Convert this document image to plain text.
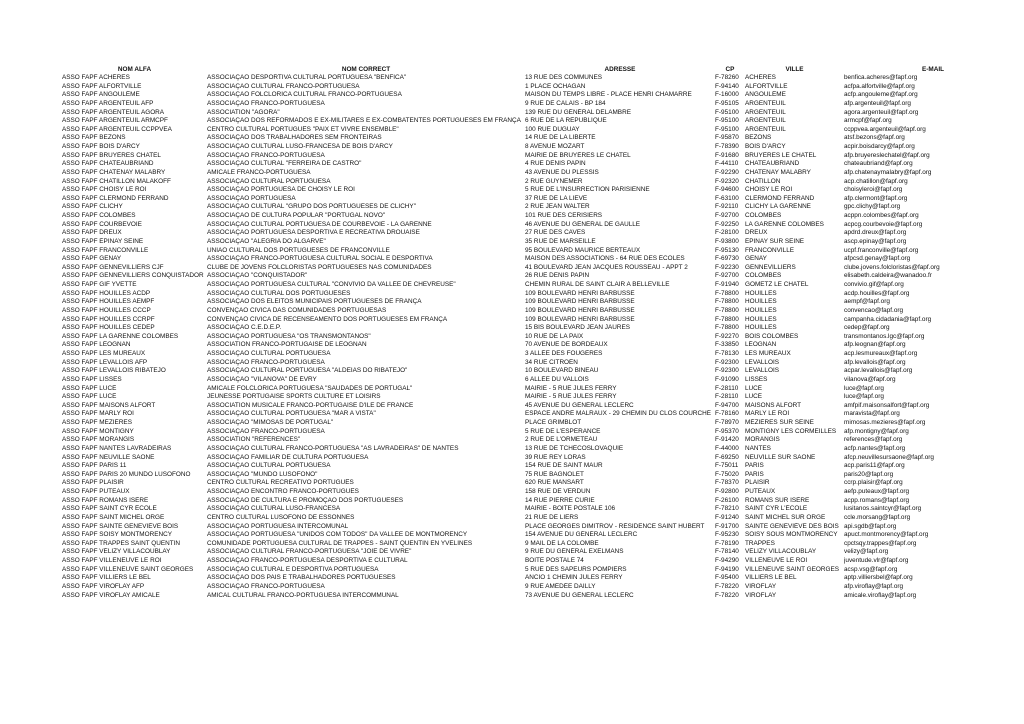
NOM ALFA	NOM CORRECT	ADRESSE	CP	VILLE	E-MAIL
ASSO FAPF ACHÈRES	ASSOCIAÇÃO DESPORTIVA CULTURAL PORTUGUESA "BENFICA"	13 RUE DES COMMUNES	F-78260	ACHÈRES	benfica.acheres@fapf.org
ASSO FAPF ALFORTVILLE	ASSOCIAÇÃO CULTURAL FRANCO-PORTUGUESA	1 PLACE OCHAGAN	F-94140	ALFORTVILLE	acfpa.alfortville@fapf.org
ASSO FAPF ANGOULÊME	ASSOCIAÇÃO FOLCLORICA CULTURAL FRANCO-PORTUGUESA	MAISON DU TEMPS LIBRE - PLACE HENRI CHAMARRE	F-16000	ANGOULÊME	acfp.angouleme@fapf.org
ASSO FAPF ARGENTEUIL AFP	ASSOCIAÇÃO FRANCO-PORTUGUESA	9 RUE DE CALAIS - BP 184	F-95105	ARGENTEUIL	afp.argenteuil@fapf.org
ASSO FAPF ARGENTEUIL AGORA	ASSOCIATION "AGORA"	139 RUE DU GÉNÉRAL DELAMBRE	F-95100	ARGENTEUIL	agora.argenteuil@fapf.org
ASSO FAPF ARGENTEUIL ARMCPF	ASSOCIAÇÃO DOS REFORMADOS E EX-MILITARES E EX-COMBATENTES PORTUGUESES EM FRANÇA	6 RUE DE LA RÉPUBLIQUE	F-95100	ARGENTEUIL	armcpf@fapf.org
ASSO FAPF ARGENTEUIL CCPPVEA	CENTRO CULTURAL PORTUGUÊS "PAIX ET VIVRE ENSEMBLE"	100 RUE DUGUAY	F-95100	ARGENTEUIL	ccppvea.argenteuil@fapf.org
ASSO FAPF BEZONS	ASSOCIAÇÃO DOS TRABALHADORES SEM FRONTEIRAS	14 RUE DE LA LIBERTÉ	F-95870	BEZONS	atsf.bezons@fapf.org
ASSO FAPF BOIS D'ARCY	ASSOCIAÇÃO CULTURAL LUSO-FRANCESA DE BOIS D'ARCY	8 AVENUE MOZART	F-78390	BOIS D'ARCY	acpir.boisdarcy@fapf.org
ASSO FAPF BRUYÈRES CHATEL	ASSOCIAÇÃO FRANCO-PORTUGUESA	MAIRIE DE BRUYÈRES LE CHATEL	F-91680	BRUYÈRES LE CHATEL	afp.bruyereslechatel@fapf.org
ASSO FAPF CHATEAUBRIAND	ASSOCIAÇÃO CULTURAL "FERREIRA DE CASTRO"	4 RUE DENIS PAPIN	F-44110	CHATEAUBRIAND	chateaubriand@fapf.org
ASSO FAPF CHATENAY MALABRY	AMICALE FRANCO-PORTUGUESA	43 AVENUE DU PLESSIS	F-92290	CHATENAY MALABRY	afp.chatenaymalabry@fapf.org
ASSO FAPF CHATILLON MALAKOFF	ASSOCIAÇÃO CULTURAL PORTUGUESA	2 RUE GUYNEMER	F-92320	CHATILLON	acp.chatillon@fapf.org
ASSO FAPF CHOISY LE ROI	ASSOCIAÇÃO PORTUGUESA DE CHOISY LE ROI	5 RUE DE L'INSURRECTION PARISIENNE	F-94600	CHOISY LE ROI	choisyleroi@fapf.org
ASSO FAPF CLERMOND FERRAND	ASSOCIAÇÃO PORTUGUESA	37 RUE DE LA LIEVE	F-63100	CLERMOND FERRAND	afp.clermont@fapf.org
ASSO FAPF CLICHY	ASSOCIAÇÃO CULTURAL "GRUPO DOS PORTUGUESES DE CLICHY"	2 RUE JEAN WALTER	F-92110	CLICHY LA GARENNE	gpc.clichy@fapf.org
ASSO FAPF COLOMBES	ASSOCIAÇÃO DE CULTURA POPULAR "PORTUGAL NOVO"	101 RUE DES CERISIERS	F-92700	COLOMBES	acppn.colombes@fapf.org
ASSO FAPF COURBEVOIE	ASSOCIAÇÃO CULTURAL PORTUGUESA DE COURBEVOIE - LA GARENNE	46 AVENUE DU GÉNÉRAL DE GAULLE	F-92250	LA GARENNE COLOMBES	acpcg.courbevoie@fapf.org
ASSO FAPF DREUX	ASSOCIAÇÃO PORTUGUESA DESPORTIVA E RECREATIVA DROUAISE	27 RUE DES CAVES	F-28100	DREUX	apdrd.dreux@fapf.org
ASSO FAPF ÉPINAY SEINE	ASSOCIAÇÃO "ALEGRIA DO ALGARVE"	35 RUE DE MARSEILLE	F-93800	ÉPINAY SUR SEINE	ascp.epinay@fapf.org
ASSO FAPF FRANCONVILLE	UNIÃO CULTURAL DOS PORTUGUESES DE FRANCONVILLE	95 BOULEVARD MAURICE BERTEAUX	F-95130	FRANCONVILLE	ucpf.franconville@fapf.org
ASSO FAPF GENAY	ASSOCIAÇÃO FRANCO-PORTUGUESA CULTURAL SOCIAL E DESPORTIVA	MAISON DES ASSOCIATIONS - 64 RUE DES ÉCOLES	F-69730	GENAY	afpcsd.genay@fapf.org
ASSO FAPF GENNEVILLIERS CJF	CLUBE DE JOVENS FOLCLORISTAS PORTUGUESES NAS COMUNIDADES	41 BOULEVARD JEAN JACQUES ROUSSEAU - APPT 2	F-92230	GENNEVILLIERS	clube.jovens.folcloristas@fapf.org
ASSO FAPF GENNEVILLIERS CONQUISTADOR	ASSOCIAÇÃO "CONQUISTADOR"	26 RUE DENIS PAPIN	F-92700	COLOMBES	elisabeth.caldeira@wanadoo.fr
ASSO FAPF GIF YVETTE	ASSOCIAÇÃO PORTUGUESA CULTURAL "CONVIVIO DA VALLÉE DE CHEVREUSE"	CHEMIN RURAL DE SAINT CLAIR A BELLEVILLE	F-91940	GOMETZ LE CHATEL	convivio.gif@fapf.org
ASSO FAPF HOUILLES ACDP	ASSOCIAÇÃO CULTURAL DOS PORTUGUESES	109 BOULEVARD HENRI BARBUSSE	F-78800	HOUILLES	acdp.houilles@fapf.org
ASSO FAPF HOUILLES AEMPF	ASSOCIAÇÃO DOS ELEITOS MUNICIPAIS PORTUGUESES DE FRANÇA	109 BOULEVARD HENRI BARBUSSE	F-78800	HOUILLES	aempf@fapf.org
ASSO FAPF HOUILLES CCCP	CONVENÇÃO CIVICA DAS COMUNIDADES PORTUGUESAS	109 BOULEVARD HENRI BARBUSSE	F-78800	HOUILLES	convencao@fapf.org
ASSO FAPF HOUILLES CCRPF	CONVENÇÃO CIVICA DE RECENSEAMENTO DOS PORTUGUESES EM FRANÇA	109 BOULEVARD HENRI BARBUSSE	F-78800	HOUILLES	campanha.cidadania@fapf.org
ASSO FAPF HOUILLES CEDEP	ASSOCIAÇÃO C.E.D.E.P.	15 BIS BOULEVARD JEAN JAURÈS	F-78800	HOUILLES	cedep@fapf.org
ASSO FAPF LA GARENNE COLOMBES	ASSOCIAÇÃO PORTUGUESA "OS TRANSMONTANOS"	10 RUE DE LA PAIX	F-92270	BOIS COLOMBES	transmontanos.lgc@fapf.org
ASSO FAPF LÉOGNAN	ASSOCIATION FRANCO-PORTUGAISE DE LÉOGNAN	70 AVENUE DE BORDEAUX	F-33850	LÉOGNAN	afp.leognan@fapf.org
ASSO FAPF LES MUREAUX	ASSOCIAÇÃO CULTURAL PORTUGUESA	3 ALLÉE DES FOUGÈRES	F-78130	LES MUREAUX	acp.lesmureaux@fapf.org
ASSO FAPF LEVALLOIS AFP	ASSOCIAÇÃO FRANCO-PORTUGUESA	34 RUE CITROËN	F-92300	LEVALLOIS	afp.levallois@fapf.org
ASSO FAPF LEVALLOIS RIBATEJO	ASSOCIAÇÃO CULTURAL PORTUGUESA "ALDEIAS DO RIBATEJO"	10 BOULEVARD BINEAU	F-92300	LEVALLOIS	acpar.levallois@fapf.org
ASSO FAPF LISSES	ASSOCIAÇÃO "VILANOVA" DE ÉVRY	6 ALLÉE DU VALLOIS	F-91090	LISSES	vilanova@fapf.org
ASSO FAPF LUCÉ	AMICALE FOLCLORICA PORTUGUESA "SAUDADES DE PORTUGAL"	MAIRIE - 5 RUE JULES FERRY	F-28110	LUCÉ	luce@fapf.org
ASSO FAPF LUCÉ	JEUNESSE PORTUGAISE SPORTS CULTURE ET LOISIRS	MAIRIE - 5 RUE JULES FERRY	F-28110	LUCÉ	luce@fapf.org
ASSO FAPF MAISONS ALFORT	ASSOCIATION MUSICALE FRANCO-PORTUGAISE D'ILE DE FRANCE	45 AVENUE DU GÉNÉRAL LECLERC	F-94700	MAISONS ALFORT	amfpif.maisonsalfort@fapf.org
ASSO FAPF MARLY ROI	ASSOCIAÇÃO CULTURAL PORTUGUESA "MAR A VISTA"	ESPACE ANDRÉ MALRAUX - 29 CHEMIN DU CLOS COURCHÉ	F-78160	MARLY LE ROI	maravista@fapf.org
ASSO FAPF MÉZIÈRES	ASSOCIAÇÃO "MIMOSAS DE PORTUGAL"	PLACE GRIMBLOT	F-78970	MÉZIÈRES SUR SEINE	mimosas.mezieres@fapf.org
ASSO FAPF MONTIGNY	ASSOCIAÇÃO FRANCO-PORTUGUESA	5 RUE DE L'ESPÉRANCE	F-95370	MONTIGNY LES CORMEILLES	afp.montigny@fapf.org
ASSO FAPF MORANGIS	ASSOCIATION "RÉFÉRENCES"	2 RUE DE L'ORMETEAU	F-91420	MORANGIS	references@fapf.org
ASSO FAPF NANTES LAVRADEIRAS	ASSOCIAÇÃO CULTURAL FRANCO-PORTUGUESA "AS LAVRADEIRAS" DE NANTES	13 RUE DE TCHÉCOSLOVAQUIE	F-44000	NANTES	acfp.nantes@fapf.org
ASSO FAPF NEUVILLE SAÔNE	ASSOCIAÇÃO FAMILIAR DE CULTURA PORTUGUESA	39 RUE REY LORAS	F-69250	NEUVILLE SUR SAÔNE	afcp.neuvillesursaone@fapf.org
ASSO FAPF PARIS 11	ASSOCIAÇÃO CULTURAL PORTUGUESA	154 RUE DE SAINT MAUR	F-75011	PARIS	acp.paris11@fapf.org
ASSO FAPF PARIS 20 MUNDO LUSOFONO	ASSOCIAÇÃO "MUNDO LUSOFONO"	75 RUE BAGNOLET	F-75020	PARIS	paris20@fapf.org
ASSO FAPF PLAISIR	CENTRO CULTURAL RECREATIVO PORTUGUÊS	620 RUE MANSART	F-78370	PLAISIR	ccrp.plaisir@fapf.org
ASSO FAPF PUTEAUX	ASSOCIAÇÃO ENCONTRO FRANCO-PORTUGUÊS	158 RUE DE VERDUN	F-92800	PUTEAUX	aefp.puteaux@fapf.org
ASSO FAPF ROMANS ISÈRE	ASSOCIAÇÃO DE CULTURA E PROMOÇÃO DOS PORTUGUESES	14 RUE PIERRE CURIE	F-26100	ROMANS SUR ISÈRE	acpp.romans@fapf.org
ASSO FAPF SAINT CYR ÉCOLE	ASSOCIAÇÃO CULTURAL LUSO-FRANCESA	MAIRIE - BOITE POSTALE 106	F-78210	SAINT CYR L'ÉCOLE	lusitanos.saintcyr@fapf.org
ASSO FAPF SAINT MICHEL ORGE	CENTRO CULTURAL LUSOFONO DE ESSONNES	21 RUE DE LIERS	F-91240	SAINT MICHEL SUR ORGE	ccle.morsang@fapf.org
ASSO FAPF SAINTE GENEVIÈVE BOIS	ASSOCIAÇÃO PORTUGUESA INTERCOMUNAL	PLACE GEORGES DIMITROV - RÉSIDENCE SAINT HUBERT	F-91700	SAINTE GENEVIÈVE DES BOIS	api.sgdb@fapf.org
ASSO FAPF SOISY MONTMORENCY	ASSOCIAÇÃO PORTUGUESA "UNIDOS COM TODOS" DA VALLÉE DE MONTMORENCY	154 AVENUE DU GÉNÉRAL LECLERC	F-95230	SOISY SOUS MONTMORENCY	apuct.montmorency@fapf.org
ASSO FAPF TRAPPES SAINT QUENTIN	COMUNIDADE PORTUGUESA CULTURAL DE TRAPPES - SAINT QUENTIN EN YVELINES	9 MAIL DE LA COLOMBE	F-78190	TRAPPES	cpctsqy.trappes@fapf.org
ASSO FAPF VÉLIZY VILLACOUBLAY	ASSOCIAÇÃO CULTURAL FRANCO-PORTUGUESA "JOIE DE VIVRE"	9 RUE DU GÉNÉRAL EXELMANS	F-78140	VÉLIZY VILLACOUBLAY	velizy@fapf.org
ASSO FAPF VILLENEUVE LE ROI	ASSOCIAÇÃO FRANCO-PORTUGUESA DESPORTIVA E CULTURAL	BOITE POSTALE 74	F-94290	VILLENEUVE LE ROI	juventude.vlr@fapf.org
ASSO FAPF VILLENEUVE SAINT GEORGES	ASSOCIAÇÃO CULTURAL E DESPORTIVA PORTUGUESA	5 RUE DES SAPEURS POMPIERS	F-94190	VILLENEUVE SAINT GEORGES	acsp.vsg@fapf.org
ASSO FAPF VILLIERS LE BEL	ASSOCIAÇÃO DOS PAIS E TRABALHADORES PORTUGUESES	ANCIO 1 CHEMIN JULES FERRY	F-95400	VILLIERS LE BEL	aptp.villiersbel@fapf.org
ASSO FAPF VIROFLAY AFP	ASSOCIAÇÃO FRANCO-PORTUGUESA	9 RUE AMÉDÉE DAILLY	F-78220	VIROFLAY	afp.viroflay@fapf.org
ASSO FAPF VIROFLAY AMICALE	AMICAL CULTURAL FRANCO-PORTUGUESA INTERCOMMUNAL	73 AVENUE DU GÉNÉRAL LECLERC	F-78220	VIROFLAY	amicale.viroflay@fapf.org
